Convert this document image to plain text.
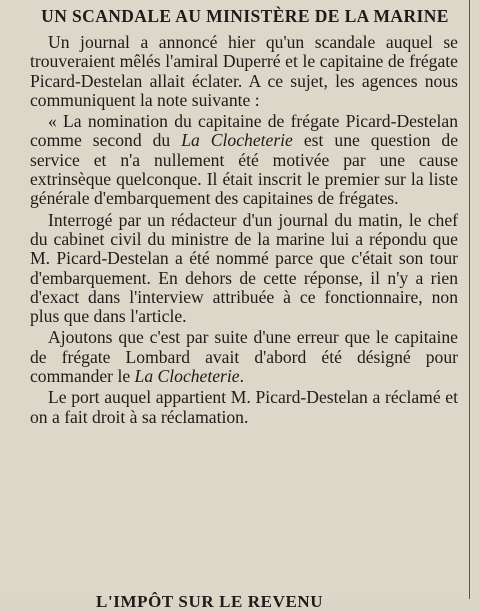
UN SCANDALE AU MINISTÈRE DE LA MARINE

Un journal a annoncé hier qu'un scandale auquel se trouveraient mêlés l'amiral Duperré et le capitaine de frégate Picard-Destelan allait éclater. A ce sujet, les agences nous communiquent la note suivante :

« La nomination du capitaine de frégate Picard-Destelan comme second du La Clocheterie est une question de service et n'a nullement été motivée par une cause extrinsèque quelconque. Il était inscrit le premier sur la liste générale d'embarquement des capitaines de frégates.

Interrogé par un rédacteur d'un journal du matin, le chef du cabinet civil du ministre de la marine lui a répondu que M. Picard-Destelan a été nommé parce que c'était son tour d'embarquement. En dehors de cette réponse, il n'y a rien d'exact dans l'interview attribuée à ce fonctionnaire, non plus que dans l'article.

Ajoutons que c'est par suite d'une erreur que le capitaine de frégate Lombard avait d'abord été désigné pour commander le La Clocheterie.

Le port auquel appartient M. Picard-Destelan a réclamé et on a fait droit à sa réclamation.

L'IMPÔT SUR LE REVENU
